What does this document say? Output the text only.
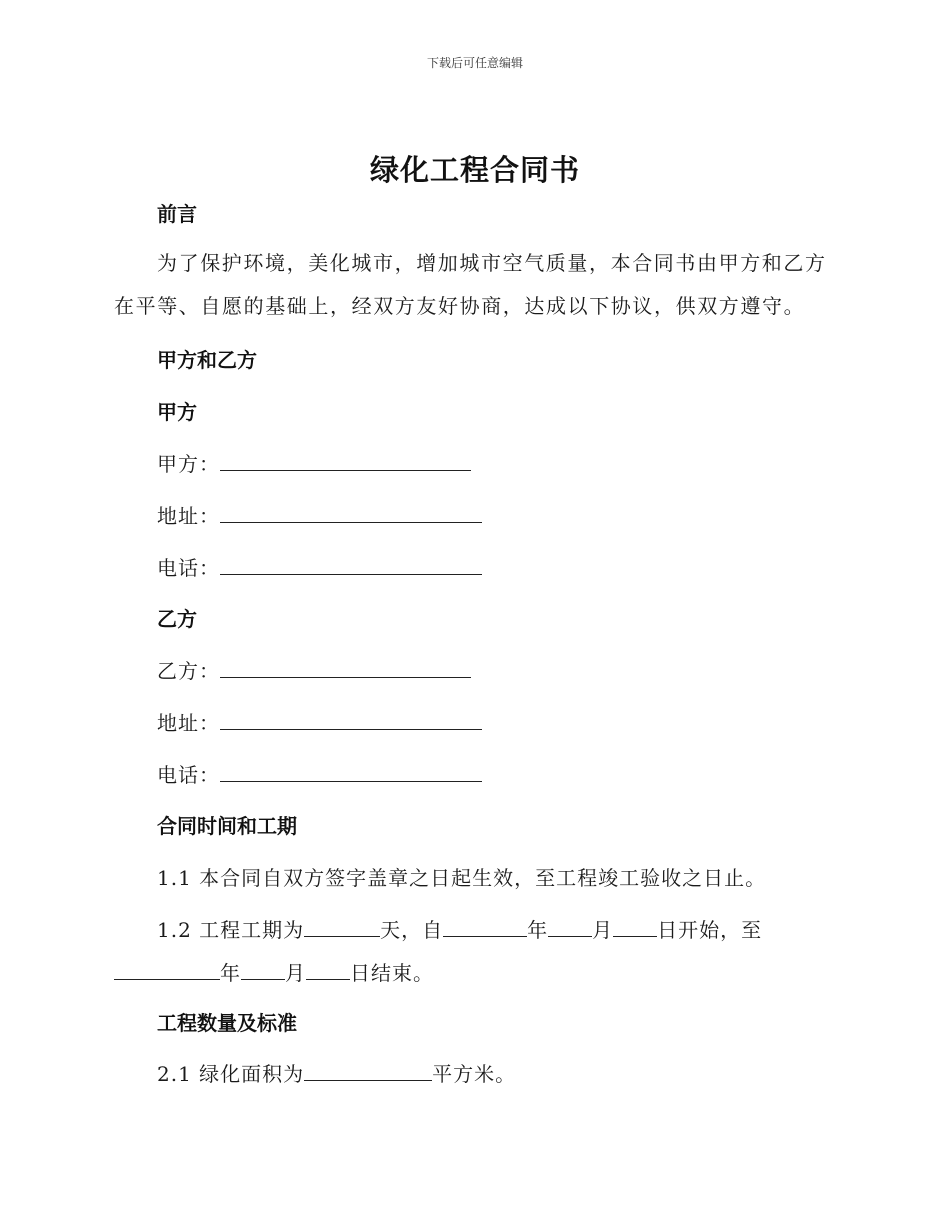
下载后可任意编辑
绿化工程合同书
前言
为了保护环境，美化城市，增加城市空气质量，本合同书由甲方和乙方在平等、自愿的基础上，经双方友好协商，达成以下协议，供双方遵守。
甲方和乙方
甲方
甲方：
地址：
电话：
乙方
乙方：
地址：
电话：
合同时间和工期
1.1 本合同自双方签字盖章之日起生效，至工程竣工验收之日止。
1.2 工程工期为	天，自	年 月 日开始，至
年 月 日结束。
工程数量及标准
2.1 绿化面积为	平方米。
